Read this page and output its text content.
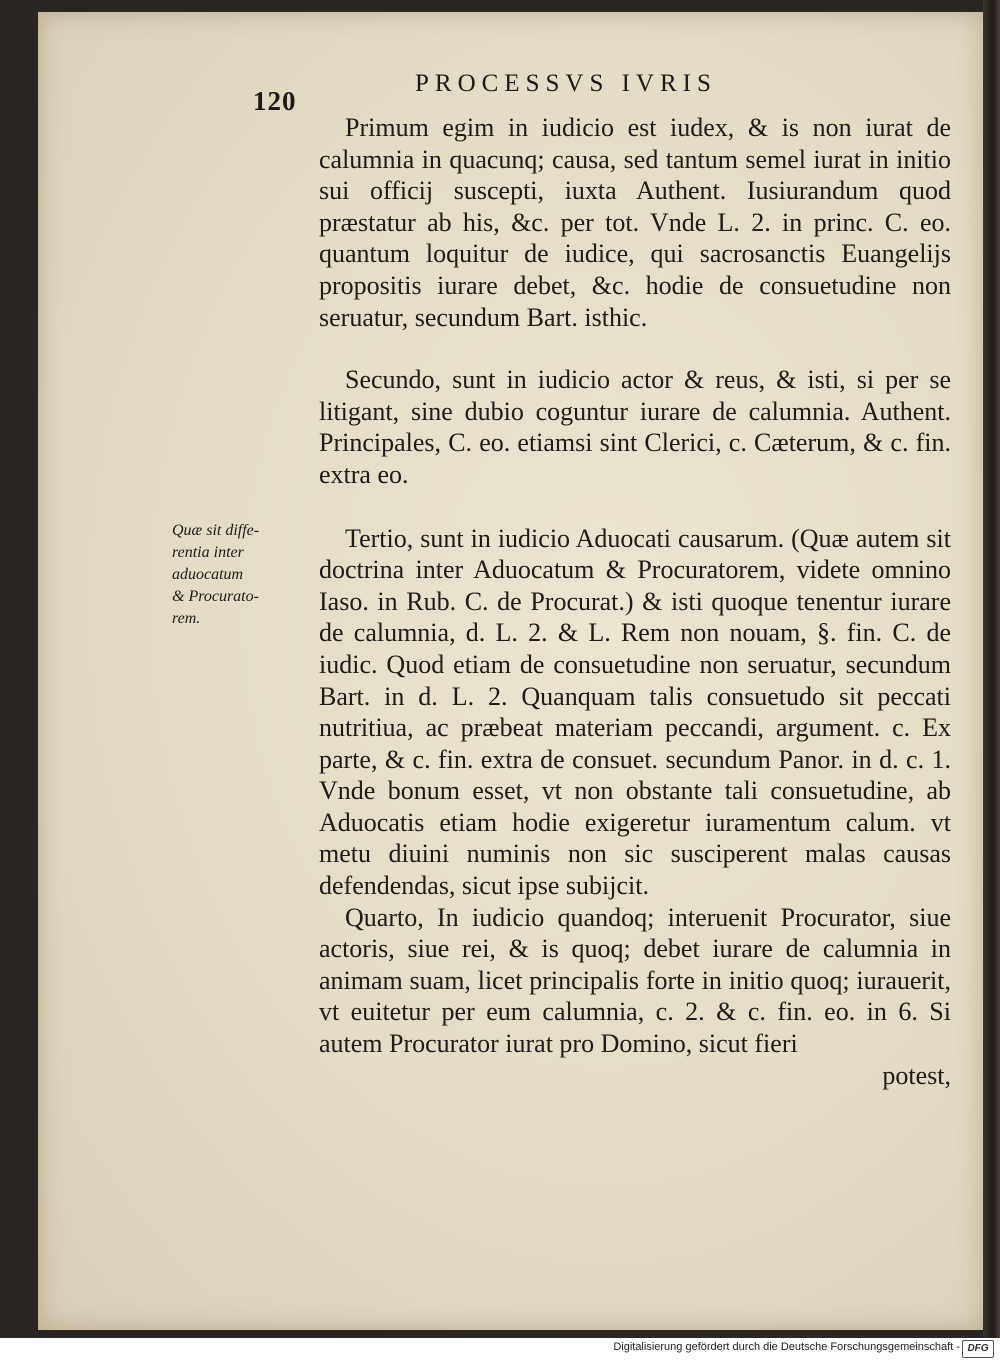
120
PROCESSVS IVRIS
Quæ sit diffe-
rentia inter
aduocatum
& Procurato-
rem.

Primum egim in iudicio est iudex, & is non iurat de calumnia in quacunq; causa, sed tantum semel iurat in initio sui officij suscepti, iuxta Authent. Iusiurandum quod præstatur ab his, &c. per tot. Vnde L. 2. in princ. C. eo. quantum loquitur de iudice, qui sacrosanctis Euangelijs propositis iurare debet, &c. hodie de consuetudine non seruatur, secundum Bart. isthic.

Secundo, sunt in iudicio actor & reus, & isti, si per se litigant, sine dubio coguntur iurare de calumnia. Authent. Principales, C. eo. etiamsi sint Clerici, c. Cæterum, & c. fin. extra eo.

Tertio, sunt in iudicio Aduocati causarum. (Quæ autem sit doctrina inter Aduocatum & Procuratorem, videte omnino Iaso. in Rub. C. de Procurat.) & isti quoque tenentur iurare de calumnia, d. L. 2. & L. Rem non nouam, §. fin. C. de iudic. Quod etiam de consuetudine non seruatur, secundum Bart. in d. L. 2. Quanquam talis consuetudo sit peccati nutritiua, ac præbeat materiam peccandi, argument. c. Ex parte, & c. fin. extra de consuet. secundum Panor. in d. c. 1. Vnde bonum esset, vt non obstante tali consuetudine, ab Aduocatis etiam hodie exigeretur iuramentum calum. vt metu diuini numinis non sic susciperent malas causas defendendas, sicut ipse subijcit.

Quarto, In iudicio quandoq; interuenit Procurator, siue actoris, siue rei, & is quoq; debet iurare de calumnia in animam suam, licet principalis forte in initio quoq; iurauerit, vt euitetur per eum calumnia, c. 2. & c. fin. eo. in 6. Si autem Procurator iurat pro Domino, sicut fieri

potest,
Digitalisierung gefördert durch die Deutsche Forschungsgemeinschaft - DFG
